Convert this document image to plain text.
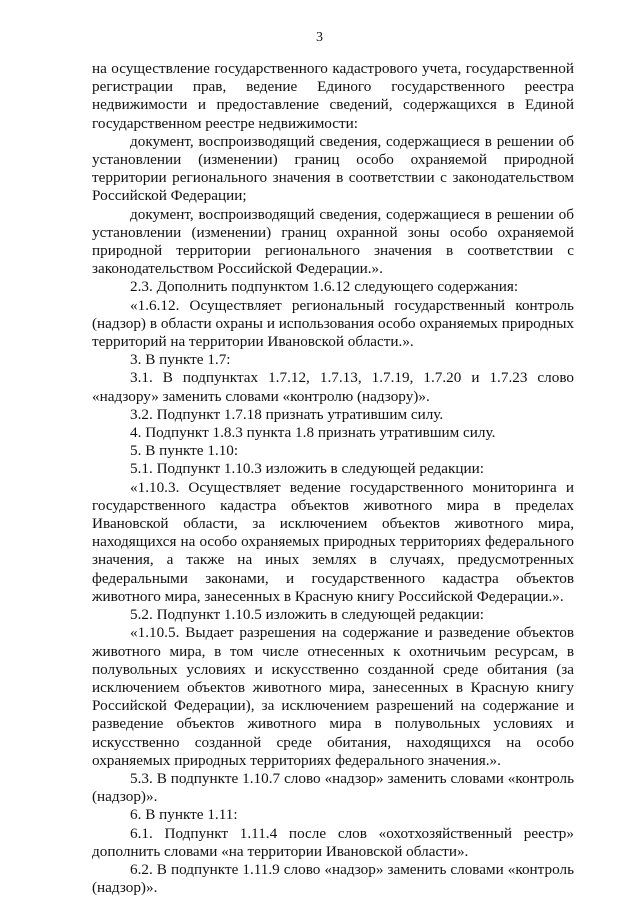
3

на осуществление государственного кадастрового учета, государственной регистрации прав, ведение Единого государственного реестра недвижимости и предоставление сведений, содержащихся в Единой государственном реестре недвижимости:

документ, воспроизводящий сведения, содержащиеся в решении об установлении (изменении) границ особо охраняемой природной территории регионального значения в соответствии с законодательством Российской Федерации;

документ, воспроизводящий сведения, содержащиеся в решении об установлении (изменении) границ охранной зоны особо охраняемой природной территории регионального значения в соответствии с законодательством Российской Федерации.».

2.3. Дополнить подпунктом 1.6.12 следующего содержания:

«1.6.12. Осуществляет региональный государственный контроль (надзор) в области охраны и использования особо охраняемых природных территорий на территории Ивановской области.».

3. В пункте 1.7:

3.1. В подпунктах 1.7.12, 1.7.13, 1.7.19, 1.7.20 и 1.7.23 слово «надзору» заменить словами «контролю (надзору)».

3.2. Подпункт 1.7.18 признать утратившим силу.

4. Подпункт 1.8.3 пункта 1.8 признать утратившим силу.

5. В пункте 1.10:

5.1. Подпункт 1.10.3 изложить в следующей редакции:

«1.10.3. Осуществляет ведение государственного мониторинга и государственного кадастра объектов животного мира в пределах Ивановской области, за исключением объектов животного мира, находящихся на особо охраняемых природных территориях федерального значения, а также на иных землях в случаях, предусмотренных федеральными законами, и государственного кадастра объектов животного мира, занесенных в Красную книгу Российской Федерации.».

5.2. Подпункт 1.10.5 изложить в следующей редакции:

«1.10.5. Выдает разрешения на содержание и разведение объектов животного мира, в том числе отнесенных к охотничьим ресурсам, в полувольных условиях и искусственно созданной среде обитания (за исключением объектов животного мира, занесенных в Красную книгу Российской Федерации), за исключением разрешений на содержание и разведение объектов животного мира в полувольных условиях и искусственно созданной среде обитания, находящихся на особо охраняемых природных территориях федерального значения.».

5.3. В подпункте 1.10.7 слово «надзор» заменить словами «контроль (надзор)».

6. В пункте 1.11:

6.1. Подпункт 1.11.4 после слов «охотхозяйственный реестр» дополнить словами «на территории Ивановской области».

6.2. В подпункте 1.11.9 слово «надзор» заменить словами «контроль (надзор)».
